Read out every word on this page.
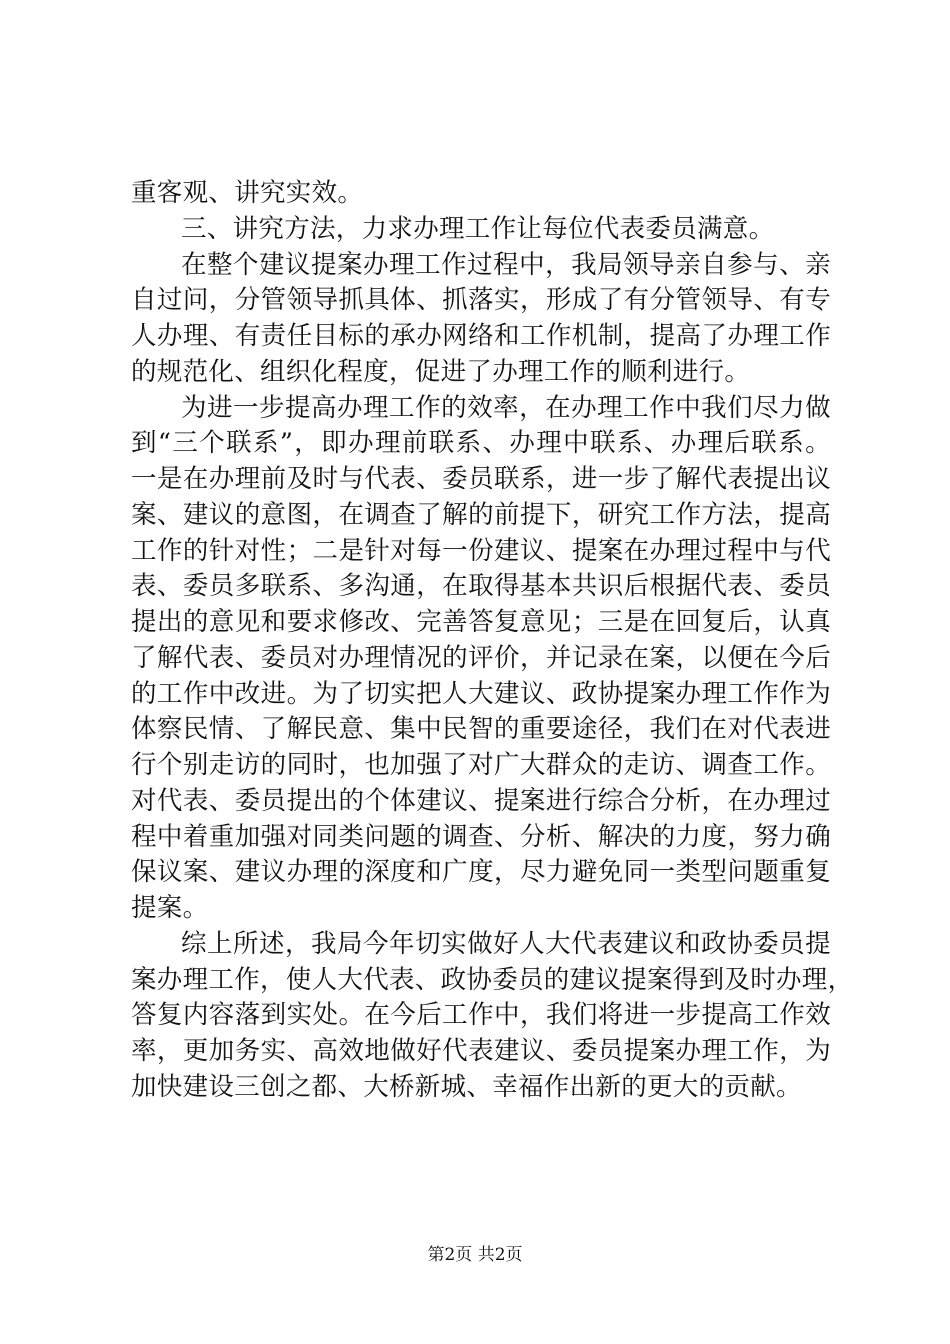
重客观、讲究实效。
三、讲究方法，力求办理工作让每位代表委员满意。
在整个建议提案办理工作过程中，我局领导亲自参与、亲
自过问，分管领导抓具体、抓落实，形成了有分管领导、有专
人办理、有责任目标的承办网络和工作机制，提高了办理工作
的规范化、组织化程度，促进了办理工作的顺利进行。
为进一步提高办理工作的效率，在办理工作中我们尽力做
到“三个联系”，即办理前联系、办理中联系、办理后联系。
一是在办理前及时与代表、委员联系，进一步了解代表提出议
案、建议的意图，在调查了解的前提下，研究工作方法，提高
工作的针对性；二是针对每一份建议、提案在办理过程中与代
表、委员多联系、多沟通，在取得基本共识后根据代表、委员
提出的意见和要求修改、完善答复意见；三是在回复后，认真
了解代表、委员对办理情况的评价，并记录在案，以便在今后
的工作中改进。为了切实把人大建议、政协提案办理工作作为
体察民情、了解民意、集中民智的重要途径，我们在对代表进
行个别走访的同时，也加强了对广大群众的走访、调查工作。
对代表、委员提出的个体建议、提案进行综合分析，在办理过
程中着重加强对同类问题的调查、分析、解决的力度，努力确
保议案、建议办理的深度和广度，尽力避免同一类型问题重复
提案。
综上所述，我局今年切实做好人大代表建议和政协委员提
案办理工作，使人大代表、政协委员的建议提案得到及时办理，
答复内容落到实处。在今后工作中，我们将进一步提高工作效
率，更加务实、高效地做好代表建议、委员提案办理工作，为
加快建设三创之都、大桥新城、幸福作出新的更大的贡献。
第2页 共2页
